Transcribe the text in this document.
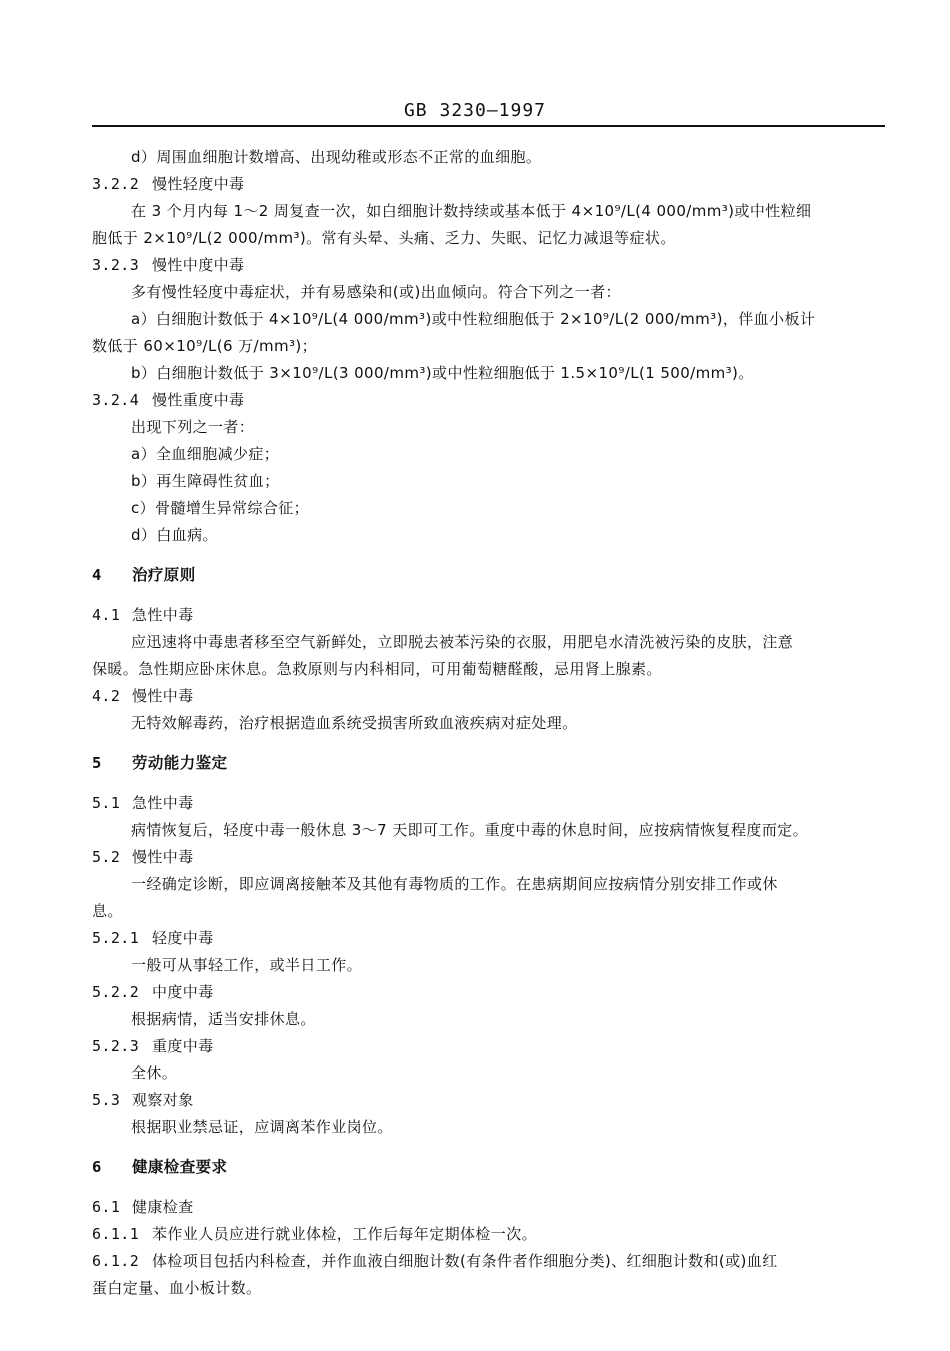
GB 3230—1997
d）周围血细胞计数增高、出现幼稚或形态不正常的血细胞。
3.2.2 慢性轻度中毒
在 3 个月内每 1～2 周复查一次，如白细胞计数持续或基本低于 4×10⁹/L(4 000/mm³)或中性粒细
胞低于 2×10⁹/L(2 000/mm³)。常有头晕、头痛、乏力、失眠、记忆力减退等症状。
3.2.3 慢性中度中毒
多有慢性轻度中毒症状，并有易感染和(或)出血倾向。符合下列之一者：
a）白细胞计数低于 4×10⁹/L(4 000/mm³)或中性粒细胞低于 2×10⁹/L(2 000/mm³)，伴血小板计
数低于 60×10⁹/L(6 万/mm³)；
b）白细胞计数低于 3×10⁹/L(3 000/mm³)或中性粒细胞低于 1.5×10⁹/L(1 500/mm³)。
3.2.4 慢性重度中毒
出现下列之一者：
a）全血细胞减少症；
b）再生障碍性贫血；
c）骨髓增生异常综合征；
d）白血病。
4 治疗原则
4.1 急性中毒
应迅速将中毒患者移至空气新鲜处，立即脱去被苯污染的衣服，用肥皂水清洗被污染的皮肤，注意
保暖。急性期应卧床休息。急救原则与内科相同，可用葡萄糖醛酸，忌用肾上腺素。
4.2 慢性中毒
无特效解毒药，治疗根据造血系统受损害所致血液疾病对症处理。
5 劳动能力鉴定
5.1 急性中毒
病情恢复后，轻度中毒一般休息 3～7 天即可工作。重度中毒的休息时间，应按病情恢复程度而定。
5.2 慢性中毒
一经确定诊断，即应调离接触苯及其他有毒物质的工作。在患病期间应按病情分别安排工作或休
息。
5.2.1 轻度中毒
一般可从事轻工作，或半日工作。
5.2.2 中度中毒
根据病情，适当安排休息。
5.2.3 重度中毒
全休。
5.3 观察对象
根据职业禁忌证，应调离苯作业岗位。
6 健康检查要求
6.1 健康检查
6.1.1 苯作业人员应进行就业体检，工作后每年定期体检一次。
6.1.2 体检项目包括内科检查，并作血液白细胞计数(有条件者作细胞分类)、红细胞计数和(或)血红
蛋白定量、血小板计数。
